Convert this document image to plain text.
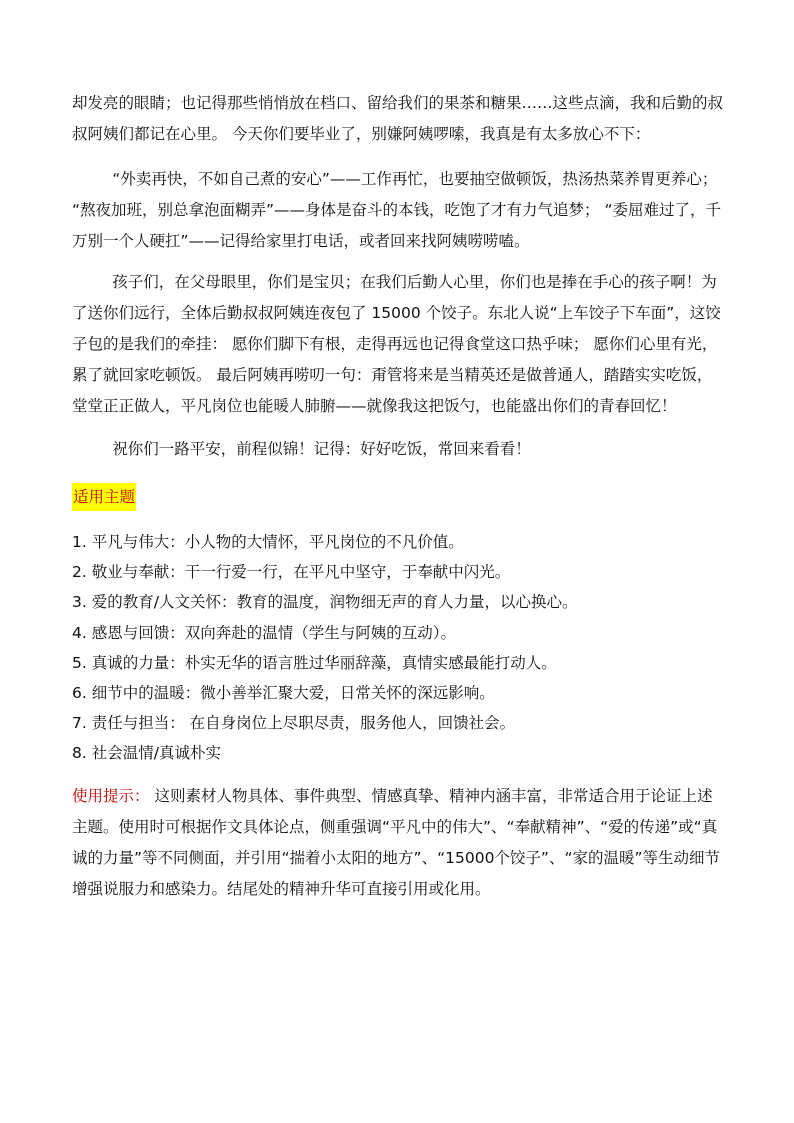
却发亮的眼睛；也记得那些悄悄放在档口、留给我们的果茶和糖果……这些点滴，我和后勤的叔叔阿姨们都记在心里。 今天你们要毕业了，别嫌阿姨啰嗦，我真是有太多放心不下：

“外卖再快，不如自己煮的安心”——工作再忙，也要抽空做顿饭，热汤热菜养胃更养心； “熬夜加班，别总拿泡面糊弄”——身体是奋斗的本钱，吃饱了才有力气追梦； “委屈难过了，千万别一个人硬扛”——记得给家里打电话，或者回来找阿姨唠唠嗑。

孩子们，在父母眼里，你们是宝贝；在我们后勤人心里，你们也是捧在手心的孩子啊！为了送你们远行，全体后勤叔叔阿姨连夜包了 15000 个饺子。东北人说“上车饺子下车面”，这饺子包的是我们的牵挂： 愿你们脚下有根，走得再远也记得食堂这口热乎味； 愿你们心里有光，累了就回家吃顿饭。 最后阿姨再唠叨一句：甭管将来是当精英还是做普通人，踏踏实实吃饭，堂堂正正做人，平凡岗位也能暖人肺腑——就像我这把饭勺，也能盛出你们的青春回忆！

祝你们一路平安，前程似锦！记得：好好吃饭，常回来看看！

适用主题
1. 平凡与伟大：小人物的大情怀，平凡岗位的不凡价值。
2. 敬业与奉献：干一行爱一行，在平凡中坚守，于奉献中闪光。
3. 爱的教育/人文关怀：教育的温度，润物细无声的育人力量，以心换心。
4. 感恩与回馈：双向奔赴的温情（学生与阿姨的互动）。
5. 真诚的力量：朴实无华的语言胜过华丽辞藻，真情实感最能打动人。
6. 细节中的温暖：微小善举汇聚大爱，日常关怀的深远影响。
7. 责任与担当： 在自身岗位上尽职尽责，服务他人，回馈社会。
8. 社会温情/真诚朴实

使用提示： 这则素材人物具体、事件典型、情感真挚、精神内涵丰富，非常适合用于论证上述主题。使用时可根据作文具体论点，侧重强调“平凡中的伟大”、“奉献精神”、“爱的传递”或“真诚的力量”等不同侧面，并引用“揣着小太阳的地方”、“15000个饺子”、“家的温暖”等生动细节增强说服力和感染力。结尾处的精神升华可直接引用或化用。
